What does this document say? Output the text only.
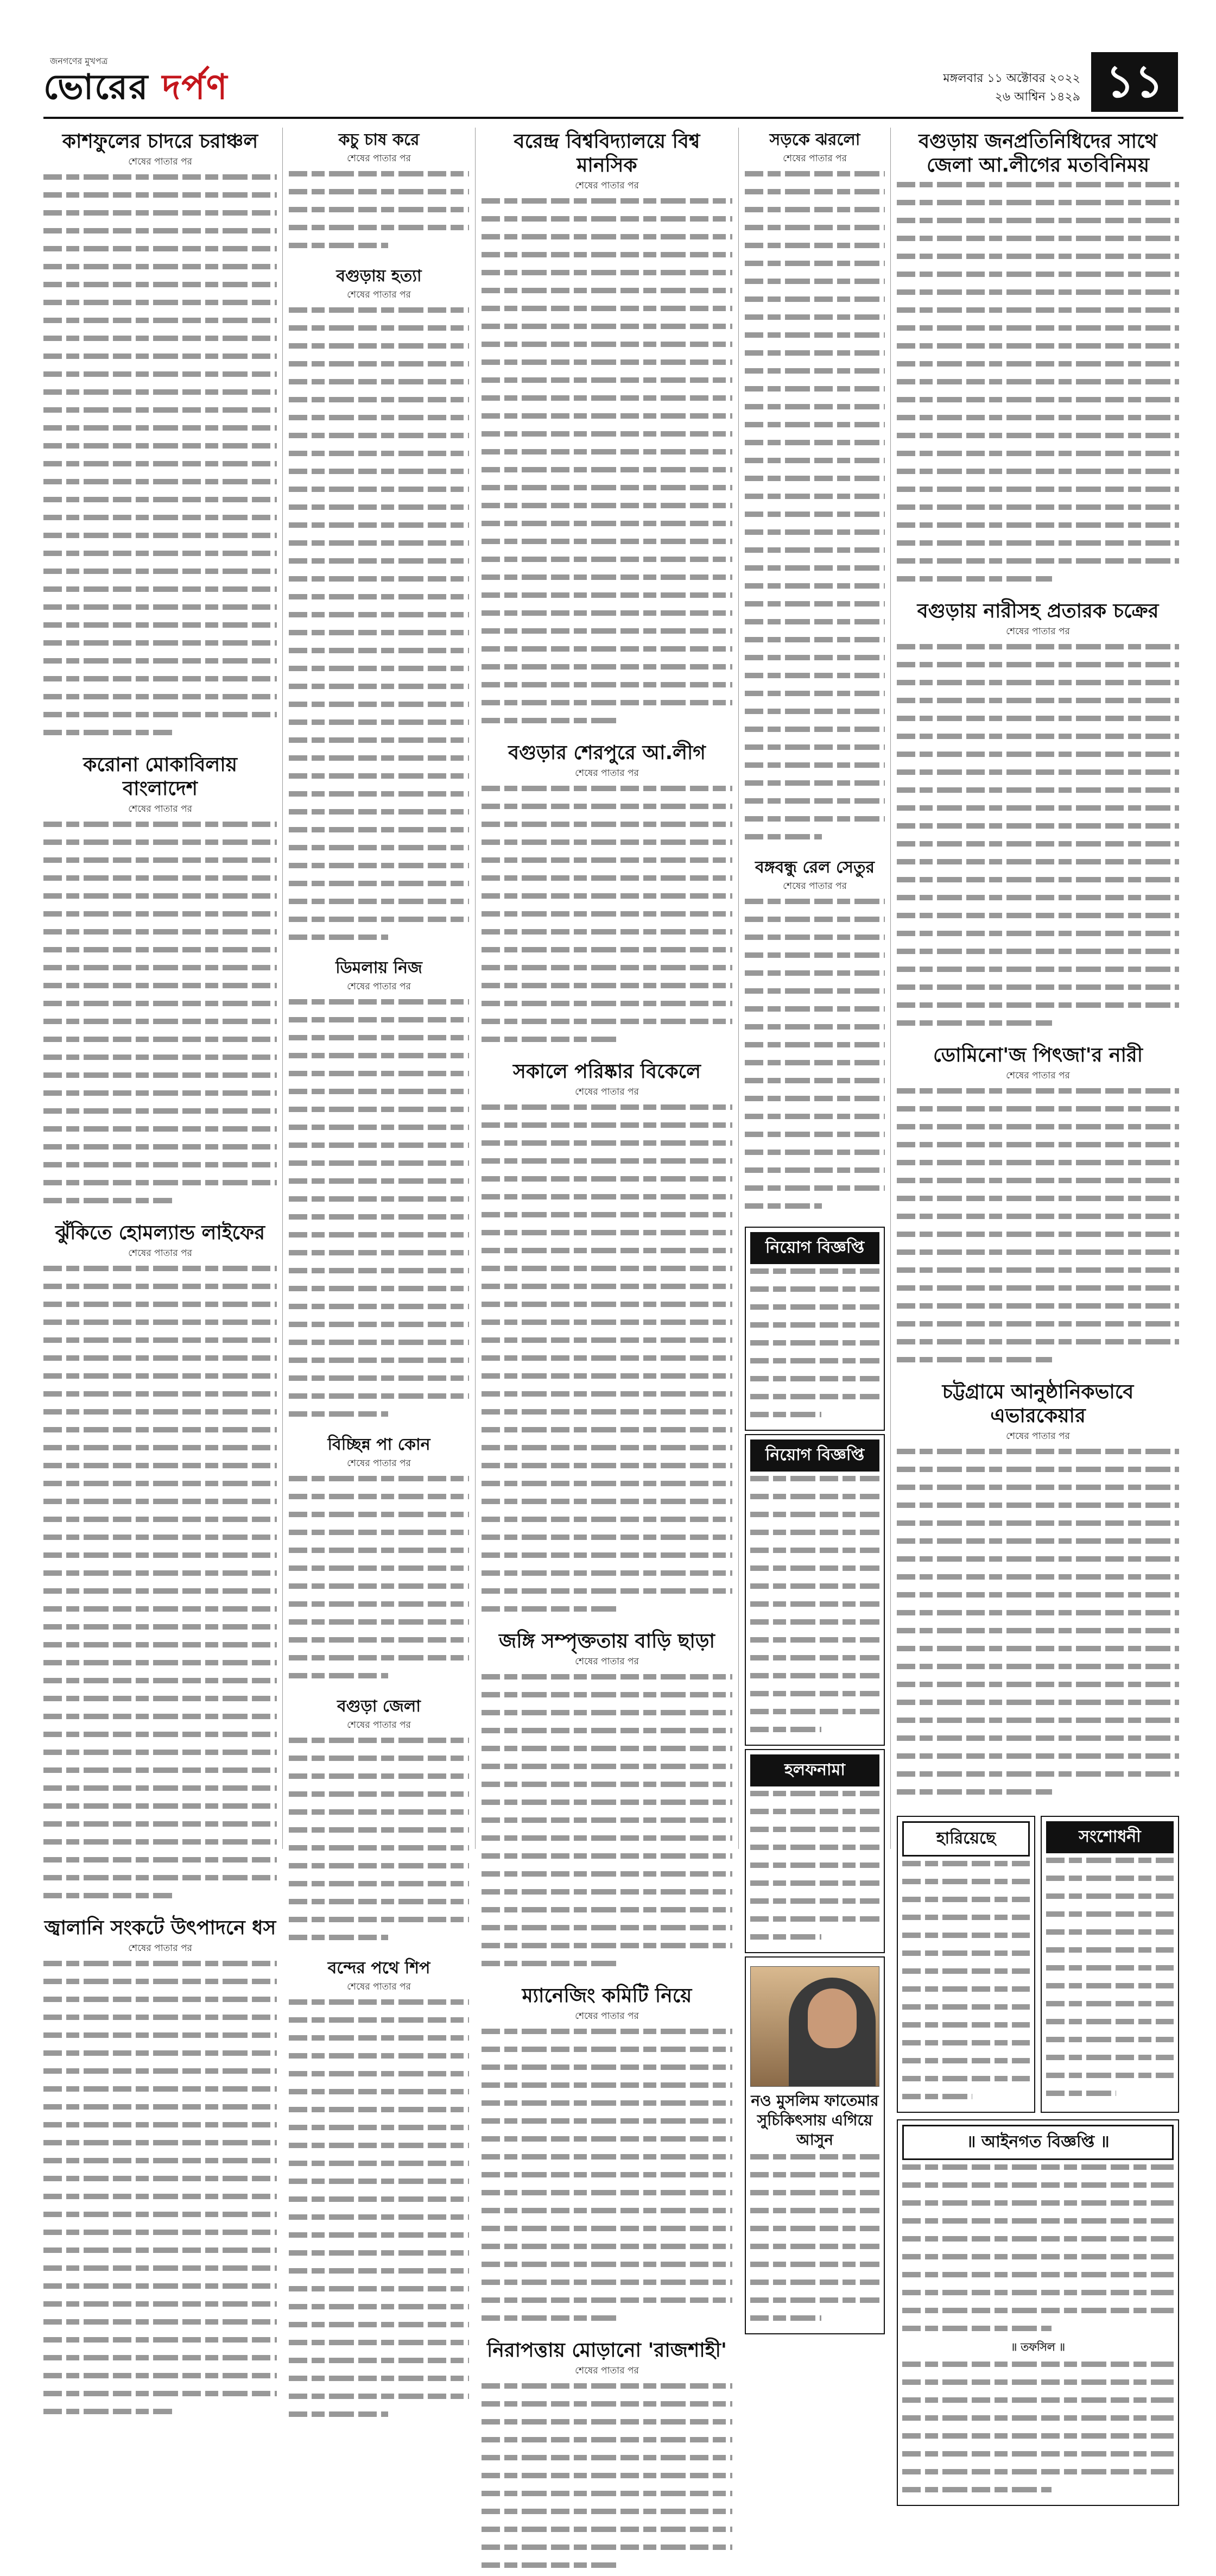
জনগণের মুখপত্র
ভোরের দর্পণ	মঙ্গলবার ১১ অক্টোবর ২০২২
২৬ আশ্বিন ১৪২৯ ১১
কাশফুলের চাদরে চরাঞ্চল
শেষের পাতার পর
করোনা মোকাবিলায় বাংলাদেশ
শেষের পাতার পর
ঝুঁকিতে হোমল্যান্ড লাইফের
শেষের পাতার পর
জ্বালানি সংকটে উৎপাদনে ধস
শেষের পাতার পর
কচু চাষ করে
শেষের পাতার পর
বগুড়ায় হত্যা
শেষের পাতার পর
ডিমলায় নিজ
শেষের পাতার পর
বিচ্ছিন্ন পা কোন
শেষের পাতার পর
বগুড়া জেলা
শেষের পাতার পর
বন্দের পথে শিপ
শেষের পাতার পর
বরেন্দ্র বিশ্ববিদ্যালয়ে বিশ্ব মানসিক
শেষের পাতার পর
বগুড়ার শেরপুরে আ.লীগ
শেষের পাতার পর
সকালে পরিষ্কার বিকেলে
শেষের পাতার পর
জঙ্গি সম্পৃক্ততায় বাড়ি ছাড়া
শেষের পাতার পর
ম্যানেজিং কমিটি নিয়ে
শেষের পাতার পর
নিরাপত্তায় মোড়ানো 'রাজশাহী'
শেষের পাতার পর
সড়কে ঝরলো
শেষের পাতার পর
বঙ্গবন্ধু রেল সেতুর
শেষের পাতার পর
নিয়োগ বিজ্ঞপ্তি
নিয়োগ বিজ্ঞপ্তি
হলফনামা
নও মুসলিম ফাতেমার সুচিকিৎসায় এগিয়ে আসুন
বগুড়ায় জনপ্রতিনিধিদের সাথে জেলা আ.লীগের মতবিনিময়
বগুড়ায় নারীসহ প্রতারক চক্রের
শেষের পাতার পর
ডোমিনো'জ পিৎজা'র নারী
শেষের পাতার পর
চট্টগ্রামে আনুষ্ঠানিকভাবে এভারকেয়ার
শেষের পাতার পর
হারিয়েছে	সংশোধনী
॥ আইনগত বিজ্ঞপ্তি ॥
॥ তফসিল ॥
